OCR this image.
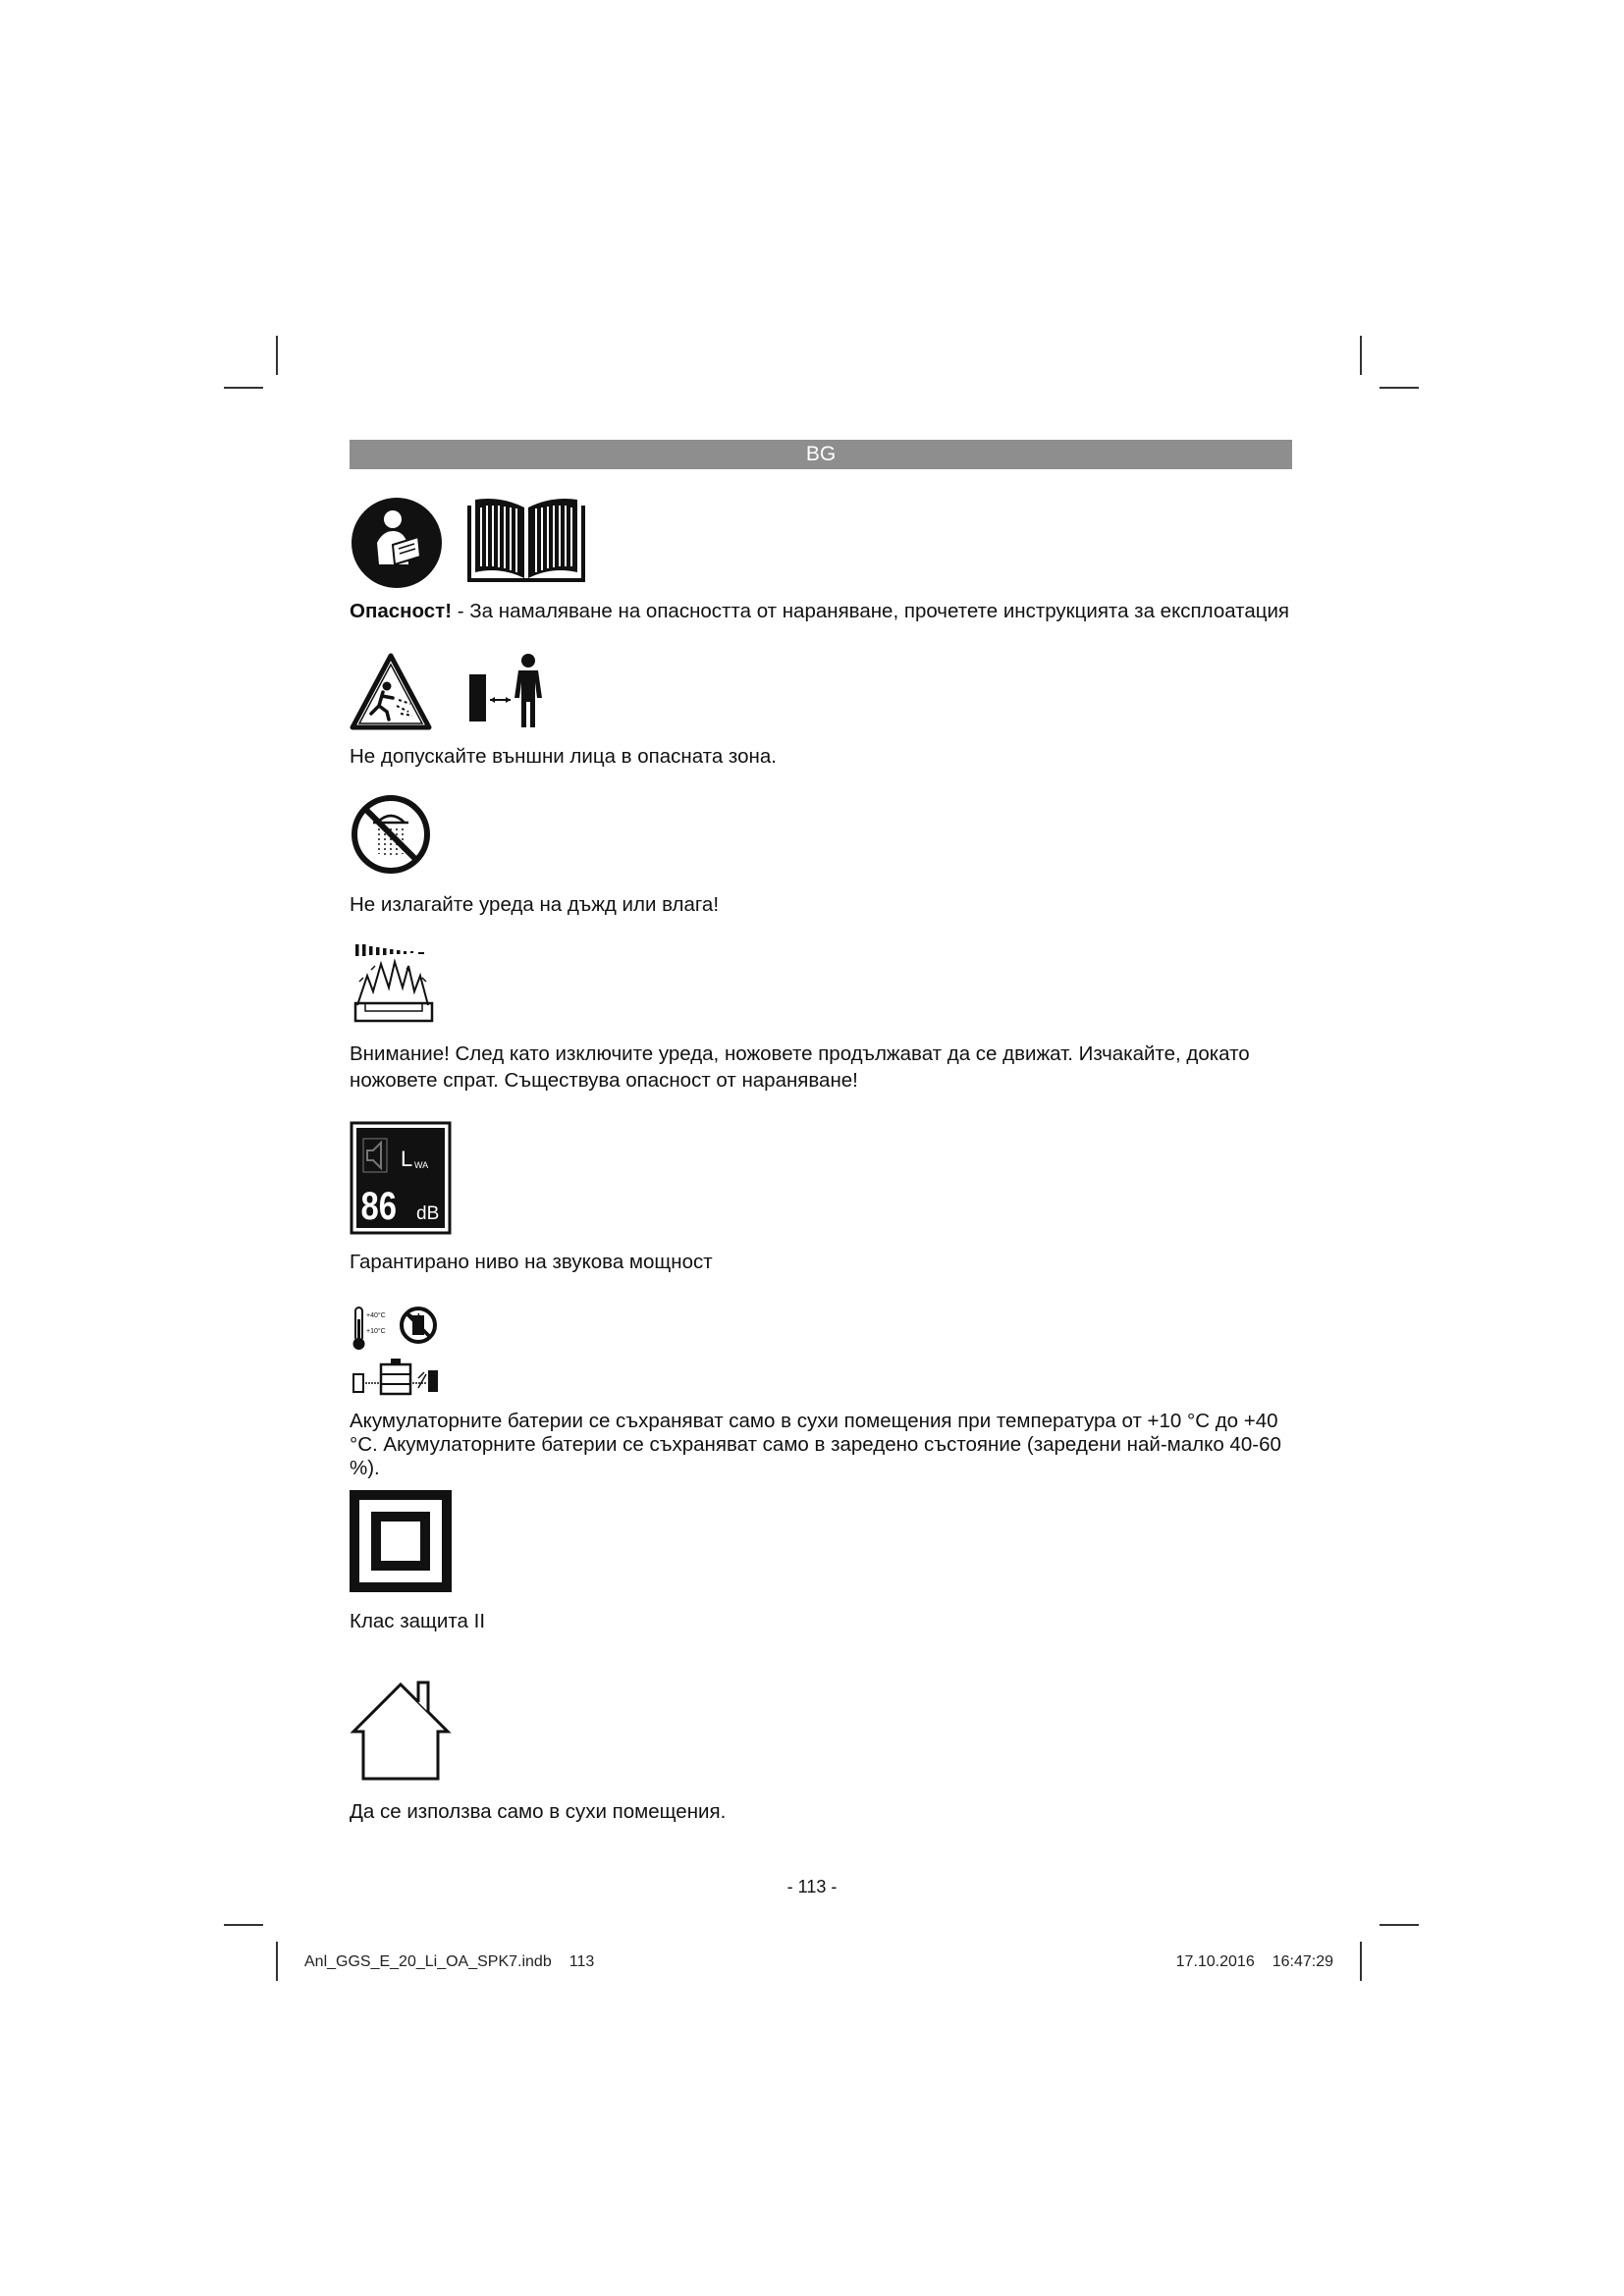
BG

Опасност! - За намаляване на опасността от нараняване, прочетете инструкцията за експлоатация

Не допускайте външни лица в опасната зона.

Не излагайте уреда на дъжд или влага!

Внимание! След като изключите уреда, ножовете продължават да се движат. Изчакайте, докато ножовете спрат. Съществува опасност от нараняване!

L WA
86 dB

Гарантирано ниво на звукова мощност

+40°C
+10°C

Акумулаторните батерии се съхраняват само в сухи помещения при температура от +10 °C до +40 °C. Акумулаторните батерии се съхраняват само в заредено състояние (заредени най-малко 40-60 %).

Клас защита II

Да се използва само в сухи помещения.

- 113 -
Anl_GGS_E_20_Li_OA_SPK7.indb 113	17.10.2016 16:47:29
